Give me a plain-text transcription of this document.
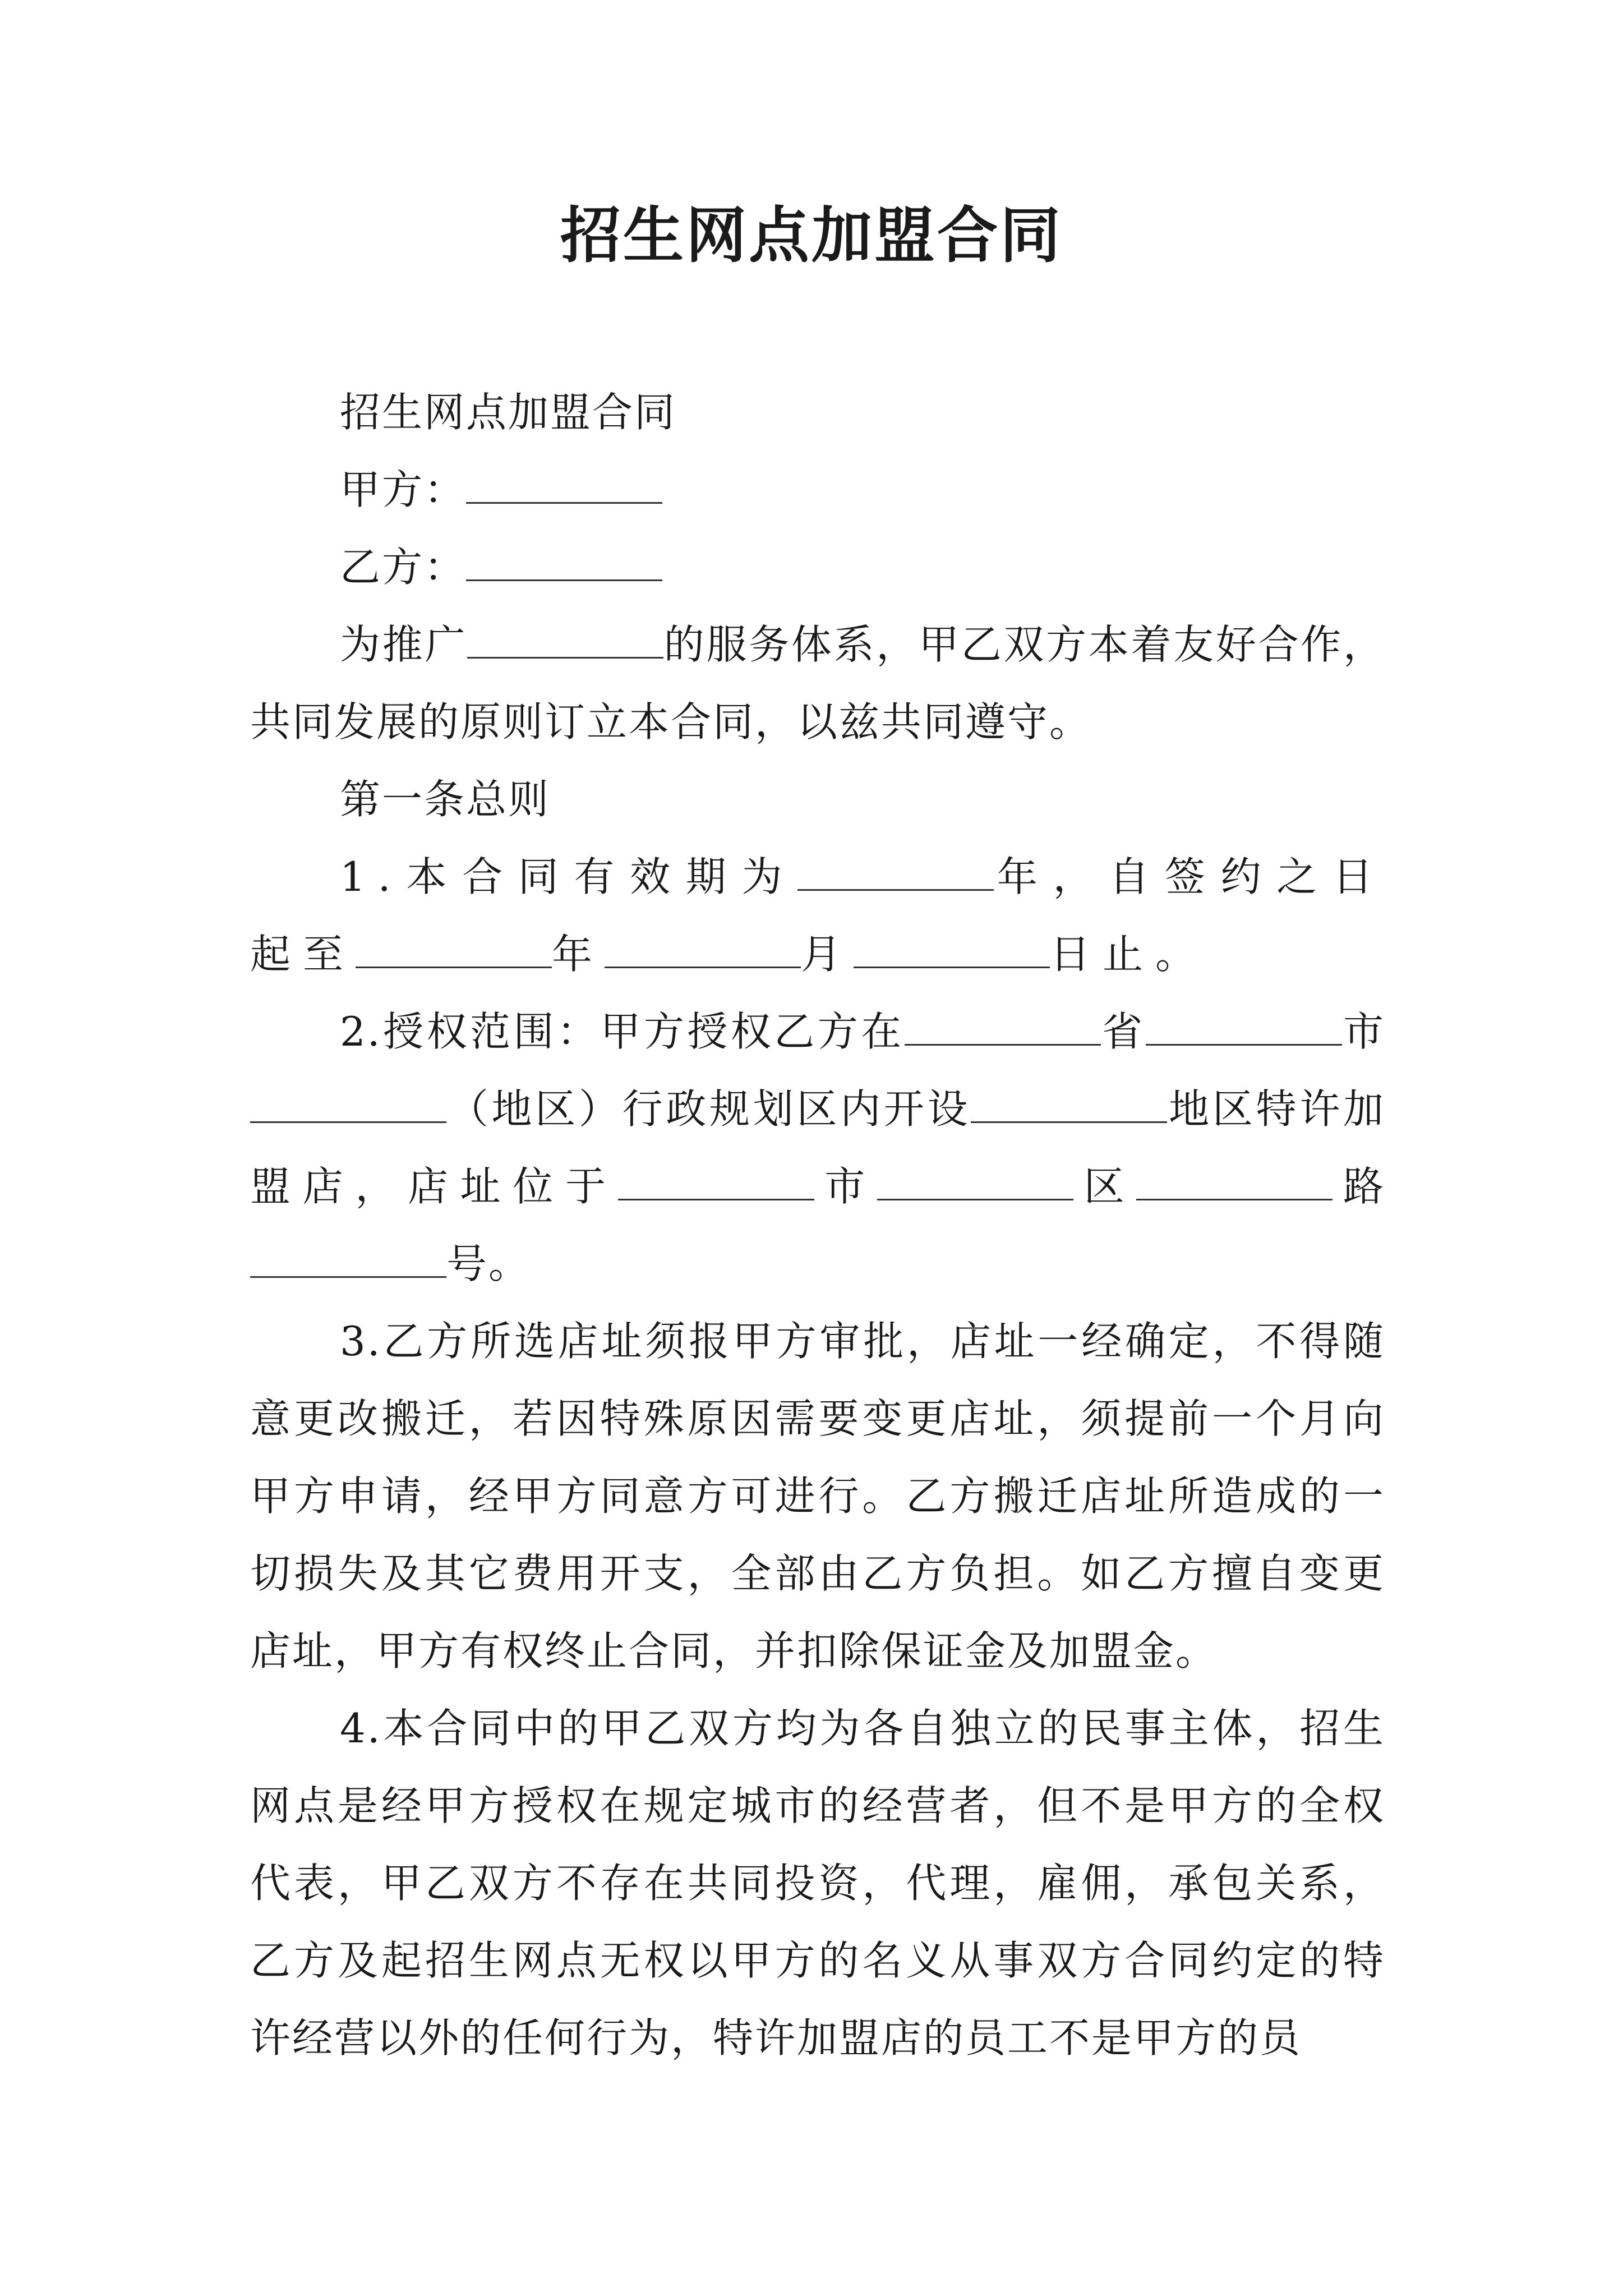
招生网点加盟合同

招生网点加盟合同

甲方：

乙方：

为推广	的服务体系，甲乙双方本着友好合作，共同发展的原则订立本合同，以兹共同遵守。

第一条总则

1.本合同有效期为	年，自签约之日起至	年	月	日止。

2.授权范围：甲方授权乙方在	省	市（地区）行政规划区内开设	地区特许加盟店，店址位于	市	区	路号。

3.乙方所选店址须报甲方审批，店址一经确定，不得随意更改搬迁，若因特殊原因需要变更店址，须提前一个月向甲方申请，经甲方同意方可进行。乙方搬迁店址所造成的一切损失及其它费用开支，全部由乙方负担。如乙方擅自变更店址，甲方有权终止合同，并扣除保证金及加盟金。

4.本合同中的甲乙双方均为各自独立的民事主体，招生网点是经甲方授权在规定城市的经营者，但不是甲方的全权代表，甲乙双方不存在共同投资，代理，雇佣，承包关系，乙方及起招生网点无权以甲方的名义从事双方合同约定的特许经营以外的任何行为，特许加盟店的员工不是甲方的员
